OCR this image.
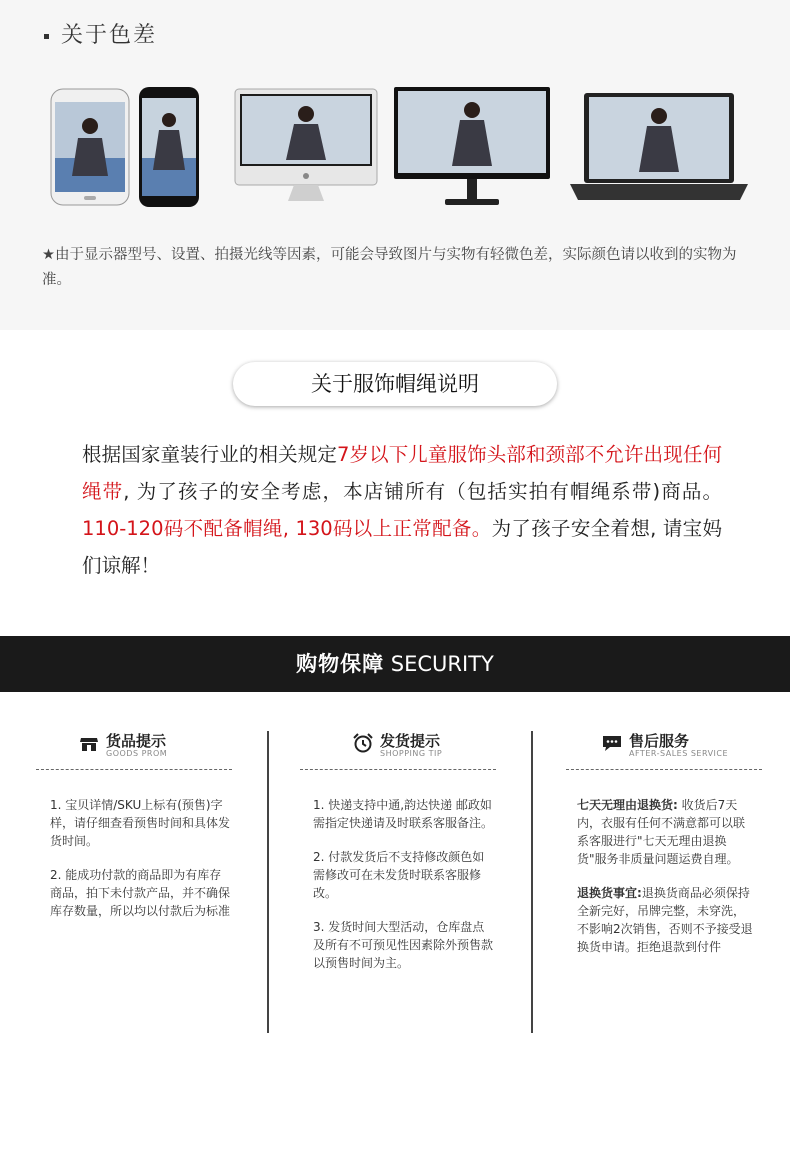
关于色差
★由于显示器型号、设置、拍摄光线等因素，可能会导致图片与实物有轻微色差，实际颜色请以收到的实物为准。
关于服饰帽绳说明
根据国家童装行业的相关规定7岁以下儿童服饰头部和颈部不允许出现任何绳带, 为了孩子的安全考虑，本店铺所有（包括实拍有帽绳系带)商品。110-120码不配备帽绳, 130码以上正常配备。为了孩子安全着想, 请宝妈们谅解！
购物保障 SECURITY
货品提示
GOODS PROM

1. 宝贝详情/SKU上标有(预售)字样，请仔细查看预售时间和具体发货时间。

2. 能成功付款的商品即为有库存商品，拍下未付款产品，并不确保库存数量，所以均以付款后为标准

发货提示
SHOPPING TIP

1. 快递支持中通,韵达快递 邮政如需指定快递请及时联系客服备注。

2. 付款发货后不支持修改颜色如需修改可在未发货时联系客服修改。

3. 发货时间大型活动，仓库盘点及所有不可预见性因素除外预售款以预售时间为主。

售后服务
AFTER-SALES SERVICE

七天无理由退换货: 收货后7天内，衣服有任何不满意都可以联系客服进行"七天无理由退换货"服务非质量问题运费自理。

退换货事宜:退换货商品必须保持全新完好，吊牌完整，未穿洗，不影响2次销售，否则不予接受退换货申请。拒绝退款到付件
